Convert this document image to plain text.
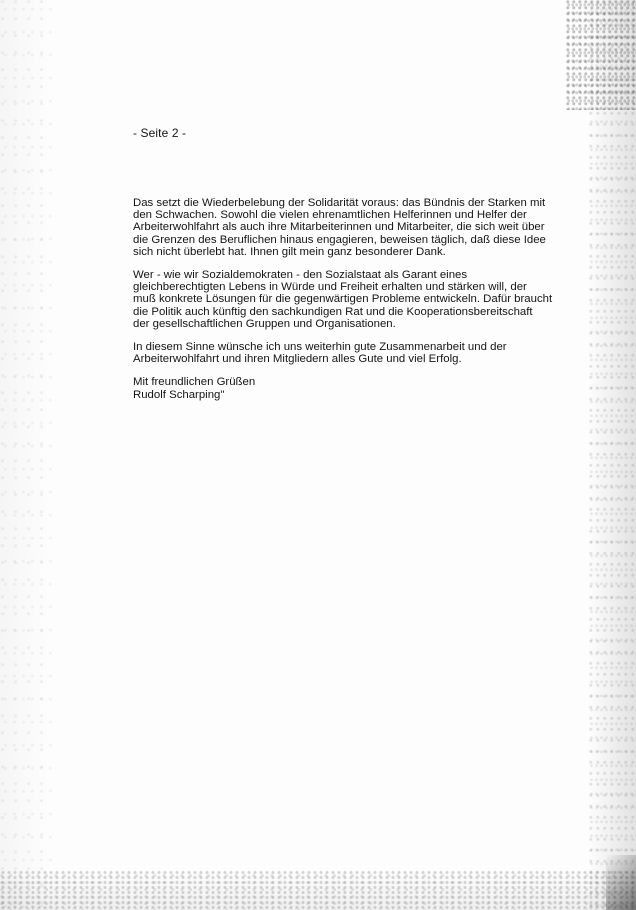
- Seite 2 -
Das setzt die Wiederbelebung der Solidarität voraus: das Bündnis der Starken mit
den Schwachen. Sowohl die vielen ehrenamtlichen Helferinnen und Helfer der
Arbeiterwohlfahrt als auch ihre Mitarbeiterinnen und Mitarbeiter, die sich weit über
die Grenzen des Beruflichen hinaus engagieren, beweisen täglich, daß diese Idee
sich nicht überlebt hat. Ihnen gilt mein ganz besonderer Dank.
Wer - wie wir Sozialdemokraten - den Sozialstaat als Garant eines
gleichberechtigten Lebens in Würde und Freiheit erhalten und stärken will, der
muß konkrete Lösungen für die gegenwärtigen Probleme entwickeln. Dafür braucht
die Politik auch künftig den sachkundigen Rat und die Kooperationsbereitschaft
der gesellschaftlichen Gruppen und Organisationen.
In diesem Sinne wünsche ich uns weiterhin gute Zusammenarbeit und der
Arbeiterwohlfahrt und ihren Mitgliedern alles Gute und viel Erfolg.
Mit freundlichen Grüßen
Rudolf Scharping"
